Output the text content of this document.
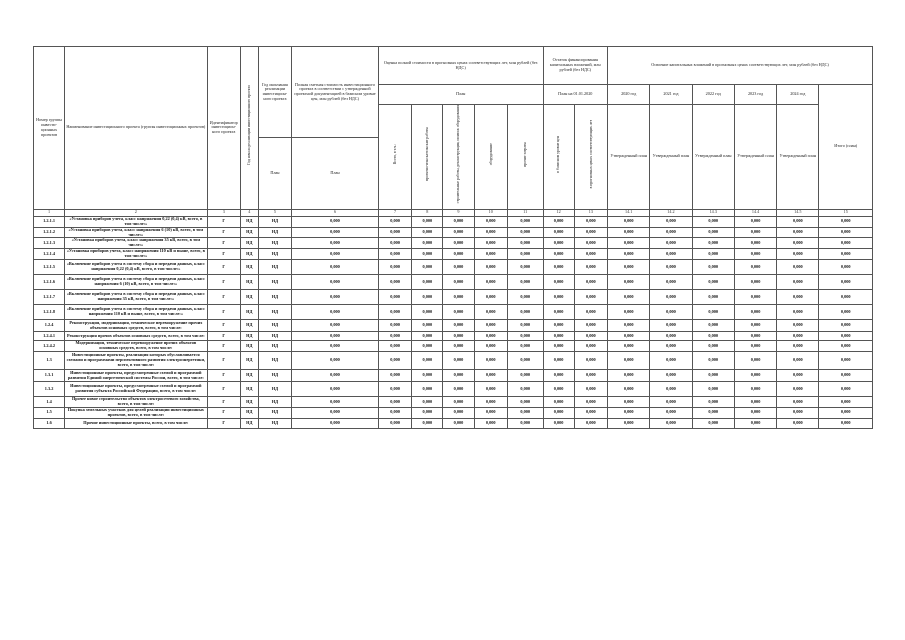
Номер группы инвести-ционных проектов	Наименование инвестиционного проекта (группы инвестиционных проектов)	Идентификатор инвестицион-ного проекта	Год начала реализации инвестиционного проекта	Год окончания реализации инвестицион-ного проекта	Полная сметная стоимость инвестиционного проекта в соответствии с утвержденной проектной документацией в базисном уровне цен, млн рублей (без НДС)	Оценка полной стоимости в прогнозных ценах соответствующих лет, млн рублей (без НДС)					Остаток финансирования капитальных вложений, млн рублей (без НДС)		Освоение капитальных вложений в прогнозных ценах соответствующих лет, млн рублей (без НДС)					
						План					План на 01.01.2020		2020 год	2021 год	2022 год	2023 год	2024 год	Итого (план)
						Всего, в т.ч.:	проектно-изыскательские работы	строительные работы, реконструкция, монтаж оборудования	оборудование	прочие затраты	в базисном уровне цен	в прогнозных ценах соответствующих лет	Утвержденный план	Утвержденный план	Утвержденный план	Утвержденный план	Утвержденный план	
				План	План													
1	2	3	4	5	6	7	8	9	10	11	12	13	14.1	14.2	14.3	14.4	14.5	15
1.2.1.1	«Установка приборов учета, класс напряжения 0,22 (0,4) кВ, всего, в том числе:»	Г	НД	НД	0,000	0,000	0,000	0,000	0,000	0,000	0,000	0,000	0,000	0,000	0,000	0,000	0,000	0,000
1.2.1.2	«Установка приборов учета, класс напряжения 6 (10) кВ, всего, в том числе:»	Г	НД	НД	0,000	0,000	0,000	0,000	0,000	0,000	0,000	0,000	0,000	0,000	0,000	0,000	0,000	0,000
1.2.1.3	«Установка приборов учета, класс напряжения 35 кВ, всего, в том числе:»	Г	НД	НД	0,000	0,000	0,000	0,000	0,000	0,000	0,000	0,000	0,000	0,000	0,000	0,000	0,000	0,000
1.2.1.4	«Установка приборов учета, класс напряжения 110 кВ и выше, всего, в том числе:»	Г	НД	НД	0,000	0,000	0,000	0,000	0,000	0,000	0,000	0,000	0,000	0,000	0,000	0,000	0,000	0,000
1.2.1.5	«Включение приборов учета в систему сбора и передачи данных, класс напряжения 0,22 (0,4) кВ, всего, в том числе:»	Г	НД	НД	0,000	0,000	0,000	0,000	0,000	0,000	0,000	0,000	0,000	0,000	0,000	0,000	0,000	0,000
1.2.1.6	«Включение приборов учета в систему сбора и передачи данных, класс напряжения 6 (10) кВ, всего, в том числе:»	Г	НД	НД	0,000	0,000	0,000	0,000	0,000	0,000	0,000	0,000	0,000	0,000	0,000	0,000	0,000	0,000
1.2.1.7	«Включение приборов учета в систему сбора и передачи данных, класс напряжения 35 кВ, всего, в том числе:»	Г	НД	НД	0,000	0,000	0,000	0,000	0,000	0,000	0,000	0,000	0,000	0,000	0,000	0,000	0,000	0,000
1.2.1.8	«Включение приборов учета в систему сбора и передачи данных, класс напряжения 110 кВ и выше, всего, в том числе:»	Г	НД	НД	0,000	0,000	0,000	0,000	0,000	0,000	0,000	0,000	0,000	0,000	0,000	0,000	0,000	0,000
1.2.4	Реконструкция, модернизация, техническое перевооружение прочих объектов основных средств, всего, в том числе:	Г	НД	НД	0,000	0,000	0,000	0,000	0,000	0,000	0,000	0,000	0,000	0,000	0,000	0,000	0,000	0,000
1.2.4.1	Реконструкция прочих объектов основных средств, всего, в том числе:	Г	НД	НД	0,000	0,000	0,000	0,000	0,000	0,000	0,000	0,000	0,000	0,000	0,000	0,000	0,000	0,000
1.2.4.2	Модернизация, техническое перевооружение прочих объектов основных средств, всего, в том числе:	Г	НД	НД	0,000	0,000	0,000	0,000	0,000	0,000	0,000	0,000	0,000	0,000	0,000	0,000	0,000	0,000
1.3	Инвестиционные проекты, реализация которых обуславливается схемами и программами перспективного развития электроэнергетики, всего, в том числе:	Г	НД	НД	0,000	0,000	0,000	0,000	0,000	0,000	0,000	0,000	0,000	0,000	0,000	0,000	0,000	0,000
1.3.1	Инвестиционные проекты, предусмотренные схемой и программой развития Единой энергетической системы России, всего, в том числе:	Г	НД	НД	0,000	0,000	0,000	0,000	0,000	0,000	0,000	0,000	0,000	0,000	0,000	0,000	0,000	0,000
1.3.2	Инвестиционные проекты, предусмотренные схемой и программой развития субъекта Российской Федерации, всего, в том числе:	Г	НД	НД	0,000	0,000	0,000	0,000	0,000	0,000	0,000	0,000	0,000	0,000	0,000	0,000	0,000	0,000
1.4	Прочее новое строительство объектов электросетевого хозяйства, всего, в том числе:	Г	НД	НД	0,000	0,000	0,000	0,000	0,000	0,000	0,000	0,000	0,000	0,000	0,000	0,000	0,000	0,000
1.5	Покупка земельных участков для целей реализации инвестиционных проектов, всего, в том числе:	Г	НД	НД	0,000	0,000	0,000	0,000	0,000	0,000	0,000	0,000	0,000	0,000	0,000	0,000	0,000	0,000
1.6	Прочие инвестиционные проекты, всего, в том числе:	Г	НД	НД	0,000	0,000	0,000	0,000	0,000	0,000	0,000	0,000	0,000	0,000	0,000	0,000	0,000	0,000
